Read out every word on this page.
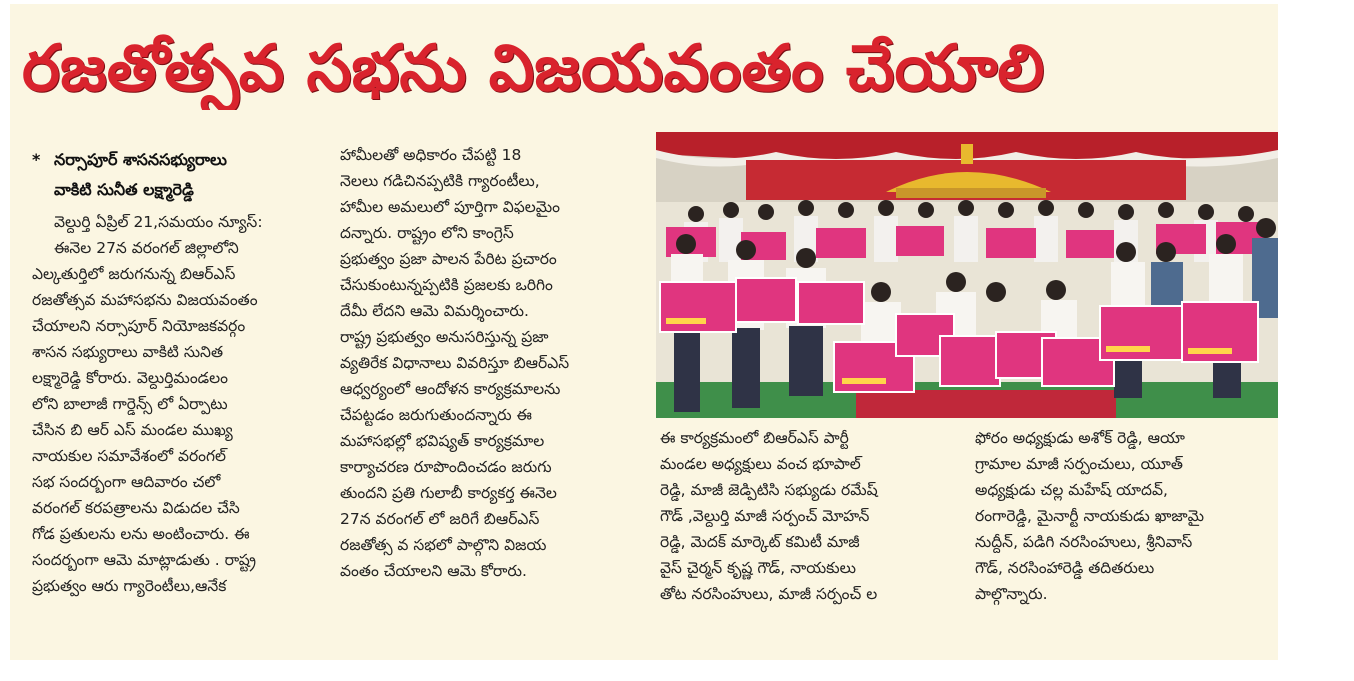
రజతోత్సవ సభను విజయవంతం చేయాలి
* నర్సాపూర్ శాసనసభ్యురాలు
వాకిటి సునీత లక్ష్మారెడ్డి
వెల్దుర్తి ఏప్రిల్ 21,సమయం న్యూస్:
ఈనెల 27న వరంగల్ జిల్లాలోని
ఎల్కతుర్తిలో జరుగనున్న బిఆర్ఎస్
రజతోత్సవ మహాసభను విజయవంతం
చేయాలని నర్సాపూర్ నియోజకవర్గం
శాసన సభ్యురాలు వాకిటి సునిత
లక్ష్మారెడ్డి కోరారు. వెల్దుర్తిమండలం
లోని బాలాజీ గార్డెన్స్ లో ఏర్పాటు
చేసిన బి ఆర్ ఎస్ మండల ముఖ్య
నాయకుల సమావేశంలో వరంగల్
సభ సందర్బంగా ఆదివారం చలో
వరంగల్ కరపత్రాలను విడుదల చేసి
గోడ ప్రతులను లను అంటించారు. ఈ
సందర్బంగా ఆమె మాట్లాడుతు . రాష్ట్ర
ప్రభుత్వం ఆరు గ్యారెంటీలు,ఆనేక
హామీలతో అధికారం చేపట్టి 18
నెలలు గడిచినప్పటికి గ్యారంటీలు,
హామీల అమలులో పూర్తిగా విఫలమైం
దన్నారు. రాష్ట్రం లోని కాంగ్రెస్
ప్రభుత్వం ప్రజా పాలన పేరిట ప్రచారం
చేసుకుంటున్నప్పటికి ప్రజలకు ఒరిగిం
దేమీ లేదని ఆమె విమర్శించారు.
రాష్ట్ర ప్రభుత్వం అనుసరిస్తున్న ప్రజా
వ్యతిరేక విధానాలు వివరిస్తూ బిఆర్ఎస్
ఆధ్వర్యంలో ఆందోళన కార్యక్రమాలను
చేపట్టడం జరుగుతుందన్నారు ఈ
మహాసభల్లో భవిష్యత్ కార్యక్రమాల
కార్యాచరణ రూపొందించడం జరుగు
తుందని ప్రతి గులాబీ కార్యకర్త ఈనెల
27న వరంగల్ లో జరిగే బిఆర్ఎస్
రజతోత్స వ సభలో పాల్గొని విజయ
వంతం చేయాలని ఆమె కోరారు.
ఈ కార్యక్రమంలో బిఆర్ఎస్ పార్టీ
మండల అధ్యక్షులు వంచ భూపాల్
రెడ్డి, మాజీ జెడ్పిటిసి సభ్యుడు రమేష్
గౌడ్ ,వెల్దుర్తి మాజీ సర్పంచ్ మోహన్
రెడ్డి, మెదక్ మార్కెట్ కమిటీ మాజీ
వైస్ చైర్మన్ కృష్ణ గౌడ్, నాయకులు
తోట నరసింహులు, మాజీ సర్పంచ్ ల
ఫోరం అధ్యక్షుడు అశోక్ రెడ్డి, ఆయా
గ్రామాల మాజీ సర్పంచులు, యూత్
అధ్యక్షుడు చల్ల మహేష్ యాదవ్,
రంగారెడ్డి, మైనార్టీ నాయకుడు ఖాజామై
నుద్దీన్, పడిగి నరసింహులు, శ్రీనివాస్
గౌడ్, నరసింహారెడ్డి తదితరులు
పాల్గొన్నారు.
